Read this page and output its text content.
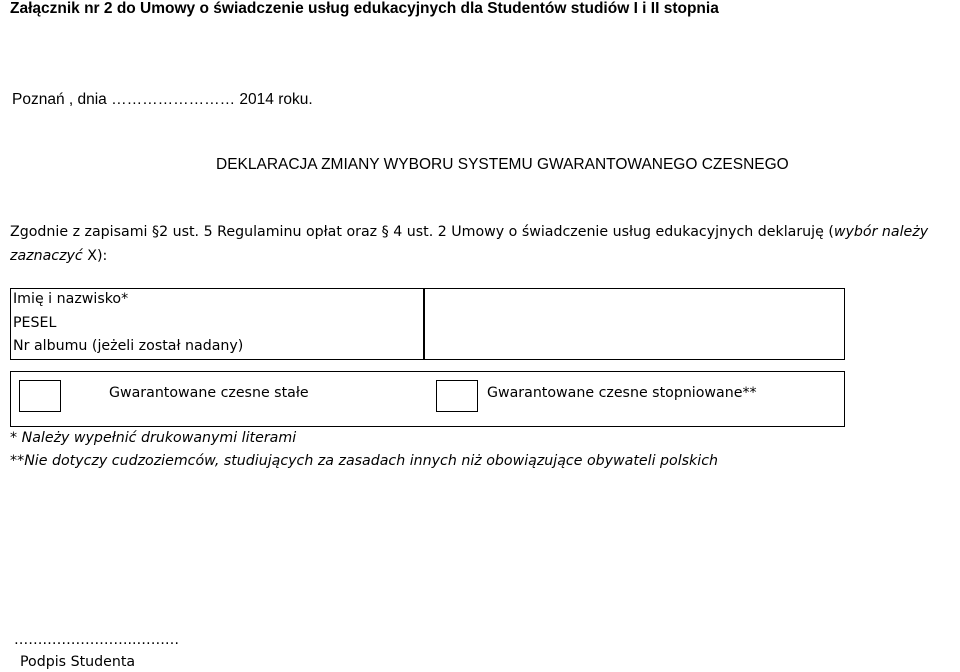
Załącznik nr 2 do Umowy o świadczenie usług edukacyjnych dla Studentów studiów I i II stopnia
Poznań , dnia …………………… 2014 roku.
DEKLARACJA ZMIANY WYBORU SYSTEMU GWARANTOWANEGO CZESNEGO
Zgodnie z zapisami §2 ust. 5 Regulaminu opłat oraz § 4 ust. 2 Umowy o świadczenie usług edukacyjnych deklaruję (wybór należy
zaznaczyć X):
Imię i nazwisko*
PESEL
Nr albumu (jeżeli został nadany)
Gwarantowane czesne stałe	Gwarantowane czesne stopniowane**
* Należy wypełnić drukowanymi literami
**Nie dotyczy cudzoziemców, studiujących za zasadach innych niż obowiązujące obywateli polskich
……………………..………
Podpis Studenta
